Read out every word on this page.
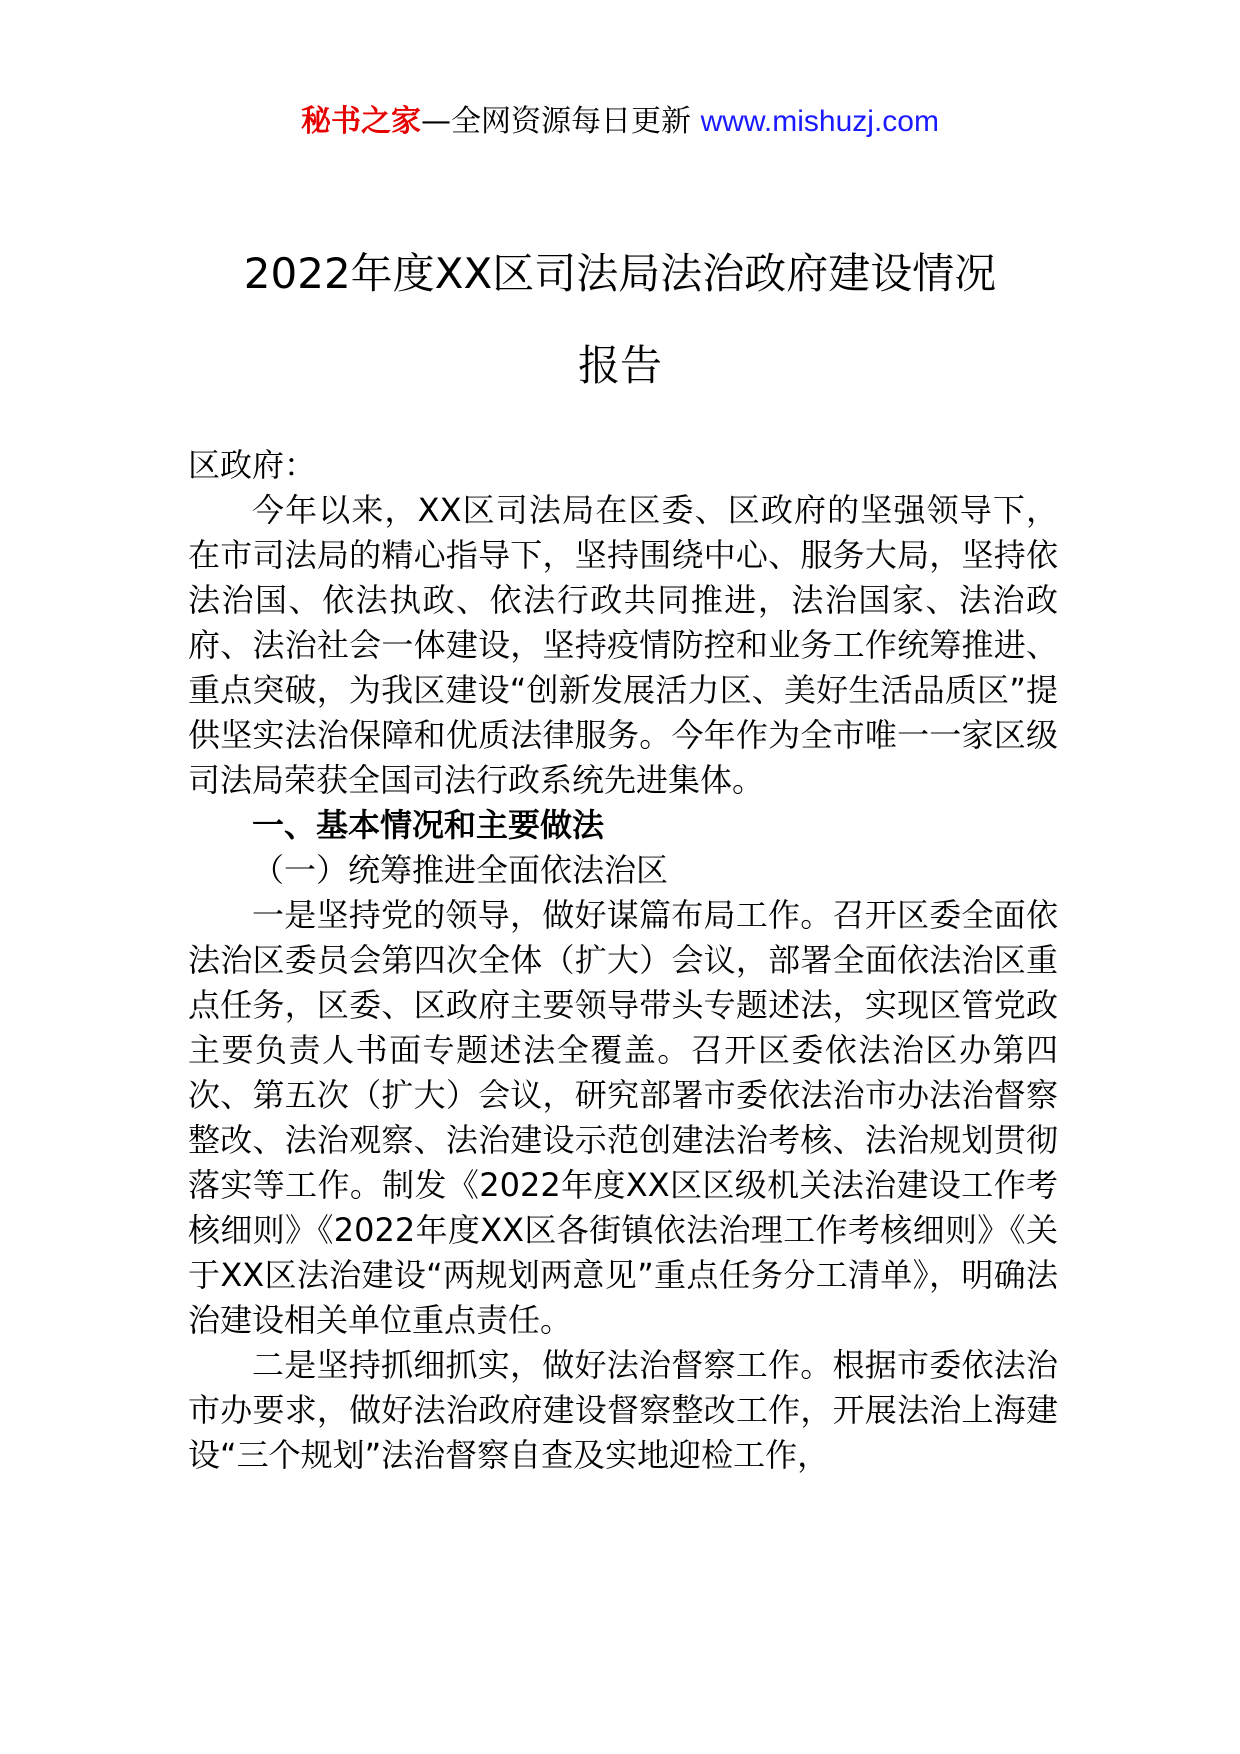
秘书之家—全网资源每日更新 www.mishuzj.com
2022年度XX区司法局法治政府建设情况
报告

区政府：

今年以来，XX区司法局在区委、区政府的坚强领导下，在市司法局的精心指导下，坚持围绕中心、服务大局，坚持依法治国、依法执政、依法行政共同推进，法治国家、法治政府、法治社会一体建设，坚持疫情防控和业务工作统筹推进、重点突破，为我区建设“创新发展活力区、美好生活品质区”提供坚实法治保障和优质法律服务。今年作为全市唯一一家区级司法局荣获全国司法行政系统先进集体。

一、基本情况和主要做法

（一）统筹推进全面依法治区

一是坚持党的领导，做好谋篇布局工作。召开区委全面依法治区委员会第四次全体（扩大）会议，部署全面依法治区重点任务，区委、区政府主要领导带头专题述法，实现区管党政主要负责人书面专题述法全覆盖。召开区委依法治区办第四次、第五次（扩大）会议，研究部署市委依法治市办法治督察整改、法治观察、法治建设示范创建法治考核、法治规划贯彻落实等工作。制发《2022年度XX区区级机关法治建设工作考核细则》《2022年度XX区各街镇依法治理工作考核细则》《关于XX区法治建设“两规划两意见”重点任务分工清单》，明确法治建设相关单位重点责任。

二是坚持抓细抓实，做好法治督察工作。根据市委依法治市办要求，做好法治政府建设督察整改工作，开展法治上海建设“三个规划”法治督察自查及实地迎检工作，
